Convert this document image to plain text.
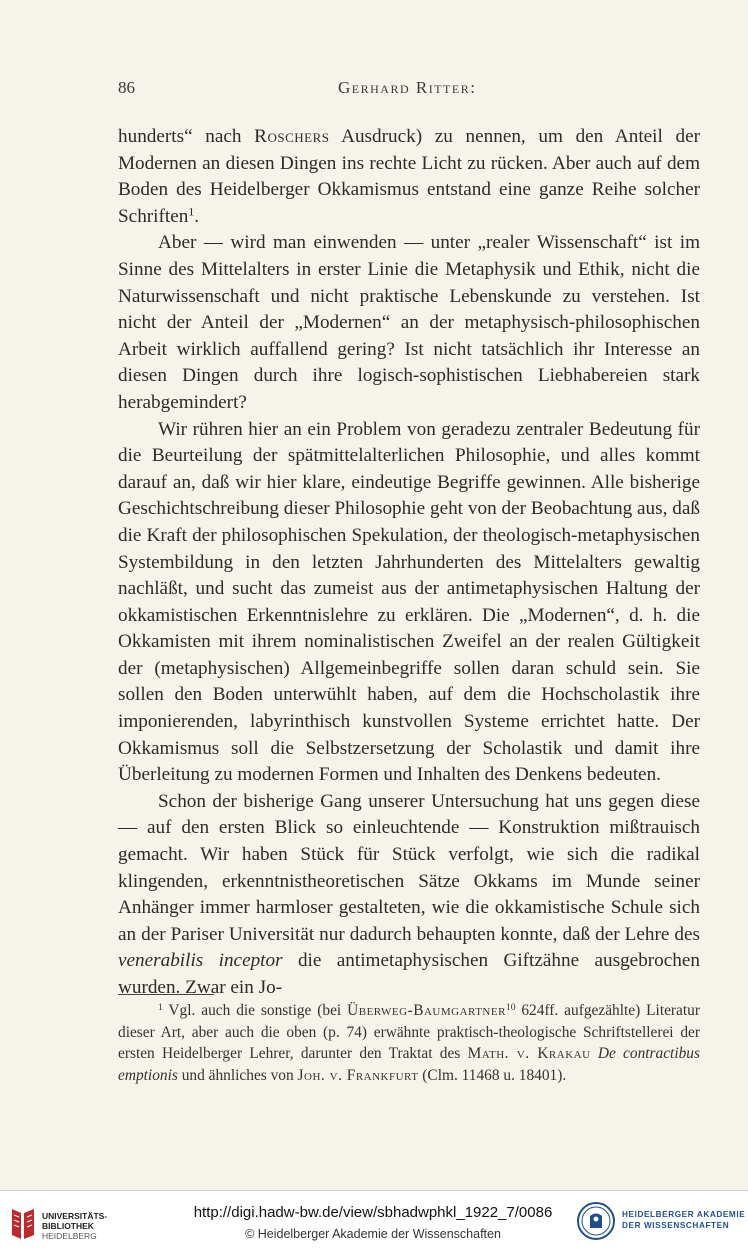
86	Gerhard Ritter:

hunderts“ nach Roschers Ausdruck) zu nennen, um den Anteil der Modernen an diesen Dingen ins rechte Licht zu rücken. Aber auch auf dem Boden des Heidelberger Okkamismus entstand eine ganze Reihe solcher Schriften$^1$.

Aber — wird man einwenden — unter „realer Wissenschaft“ ist im Sinne des Mittelalters in erster Linie die Metaphysik und Ethik, nicht die Naturwissenschaft und nicht praktische Lebenskunde zu verstehen. Ist nicht der Anteil der „Modernen“ an der metaphysisch-philosophischen Arbeit wirklich auffallend gering? Ist nicht tatsächlich ihr Interesse an diesen Dingen durch ihre logisch-sophistischen Liebhabereien stark herabgemindert?

Wir rühren hier an ein Problem von geradezu zentraler Bedeutung für die Beurteilung der spätmittelalterlichen Philosophie, und alles kommt darauf an, daß wir hier klare, eindeutige Begriffe gewinnen. Alle bisherige Geschichtschreibung dieser Philosophie geht von der Beobachtung aus, daß die Kraft der philosophischen Spekulation, der theologisch-metaphysischen Systembildung in den letzten Jahrhunderten des Mittelalters gewaltig nachläßt, und sucht das zumeist aus der antimetaphysischen Haltung der okkamistischen Erkenntnislehre zu erklären. Die „Modernen“, d. h. die Okkamisten mit ihrem nominalistischen Zweifel an der realen Gültigkeit der (metaphysischen) Allgemeinbegriffe sollen daran schuld sein. Sie sollen den Boden unterwühlt haben, auf dem die Hochscholastik ihre imponierenden, labyrinthisch kunstvollen Systeme errichtet hatte. Der Okkamismus soll die Selbstzersetzung der Scholastik und damit ihre Überleitung zu modernen Formen und Inhalten des Denkens bedeuten.

Schon der bisherige Gang unserer Untersuchung hat uns gegen diese — auf den ersten Blick so einleuchtende — Konstruktion mißtrauisch gemacht. Wir haben Stück für Stück verfolgt, wie sich die radikal klingenden, erkenntnistheoretischen Sätze Okkams im Munde seiner Anhänger immer harmloser gestalteten, wie die okkamistische Schule sich an der Pariser Universität nur dadurch behaupten konnte, daß der Lehre des venerabilis inceptor die antimetaphysischen Giftzähne ausgebrochen wurden. Zwar ein Jo-

$^1$ Vgl. auch die sonstige (bei Überweg-Baumgartner$^{10}$ 624ff. aufgezählte) Literatur dieser Art, aber auch die oben (p. 74) erwähnte praktisch-theologische Schriftstellerei der ersten Heidelberger Lehrer, darunter den Traktat des Math. v. Krakau De contractibus emptionis und ähnliches von Joh. v. Frankfurt (Clm. 11468 u. 18401).
UNIVERSITÄTS-
BIBLIOTHEK
HEIDELBERG
http://digi.hadw-bw.de/view/sbhadwphkl_1922_7/0086
© Heidelberger Akademie der Wissenschaften
HEIDELBERGER AKADEMIE
DER WISSENSCHAFTEN
